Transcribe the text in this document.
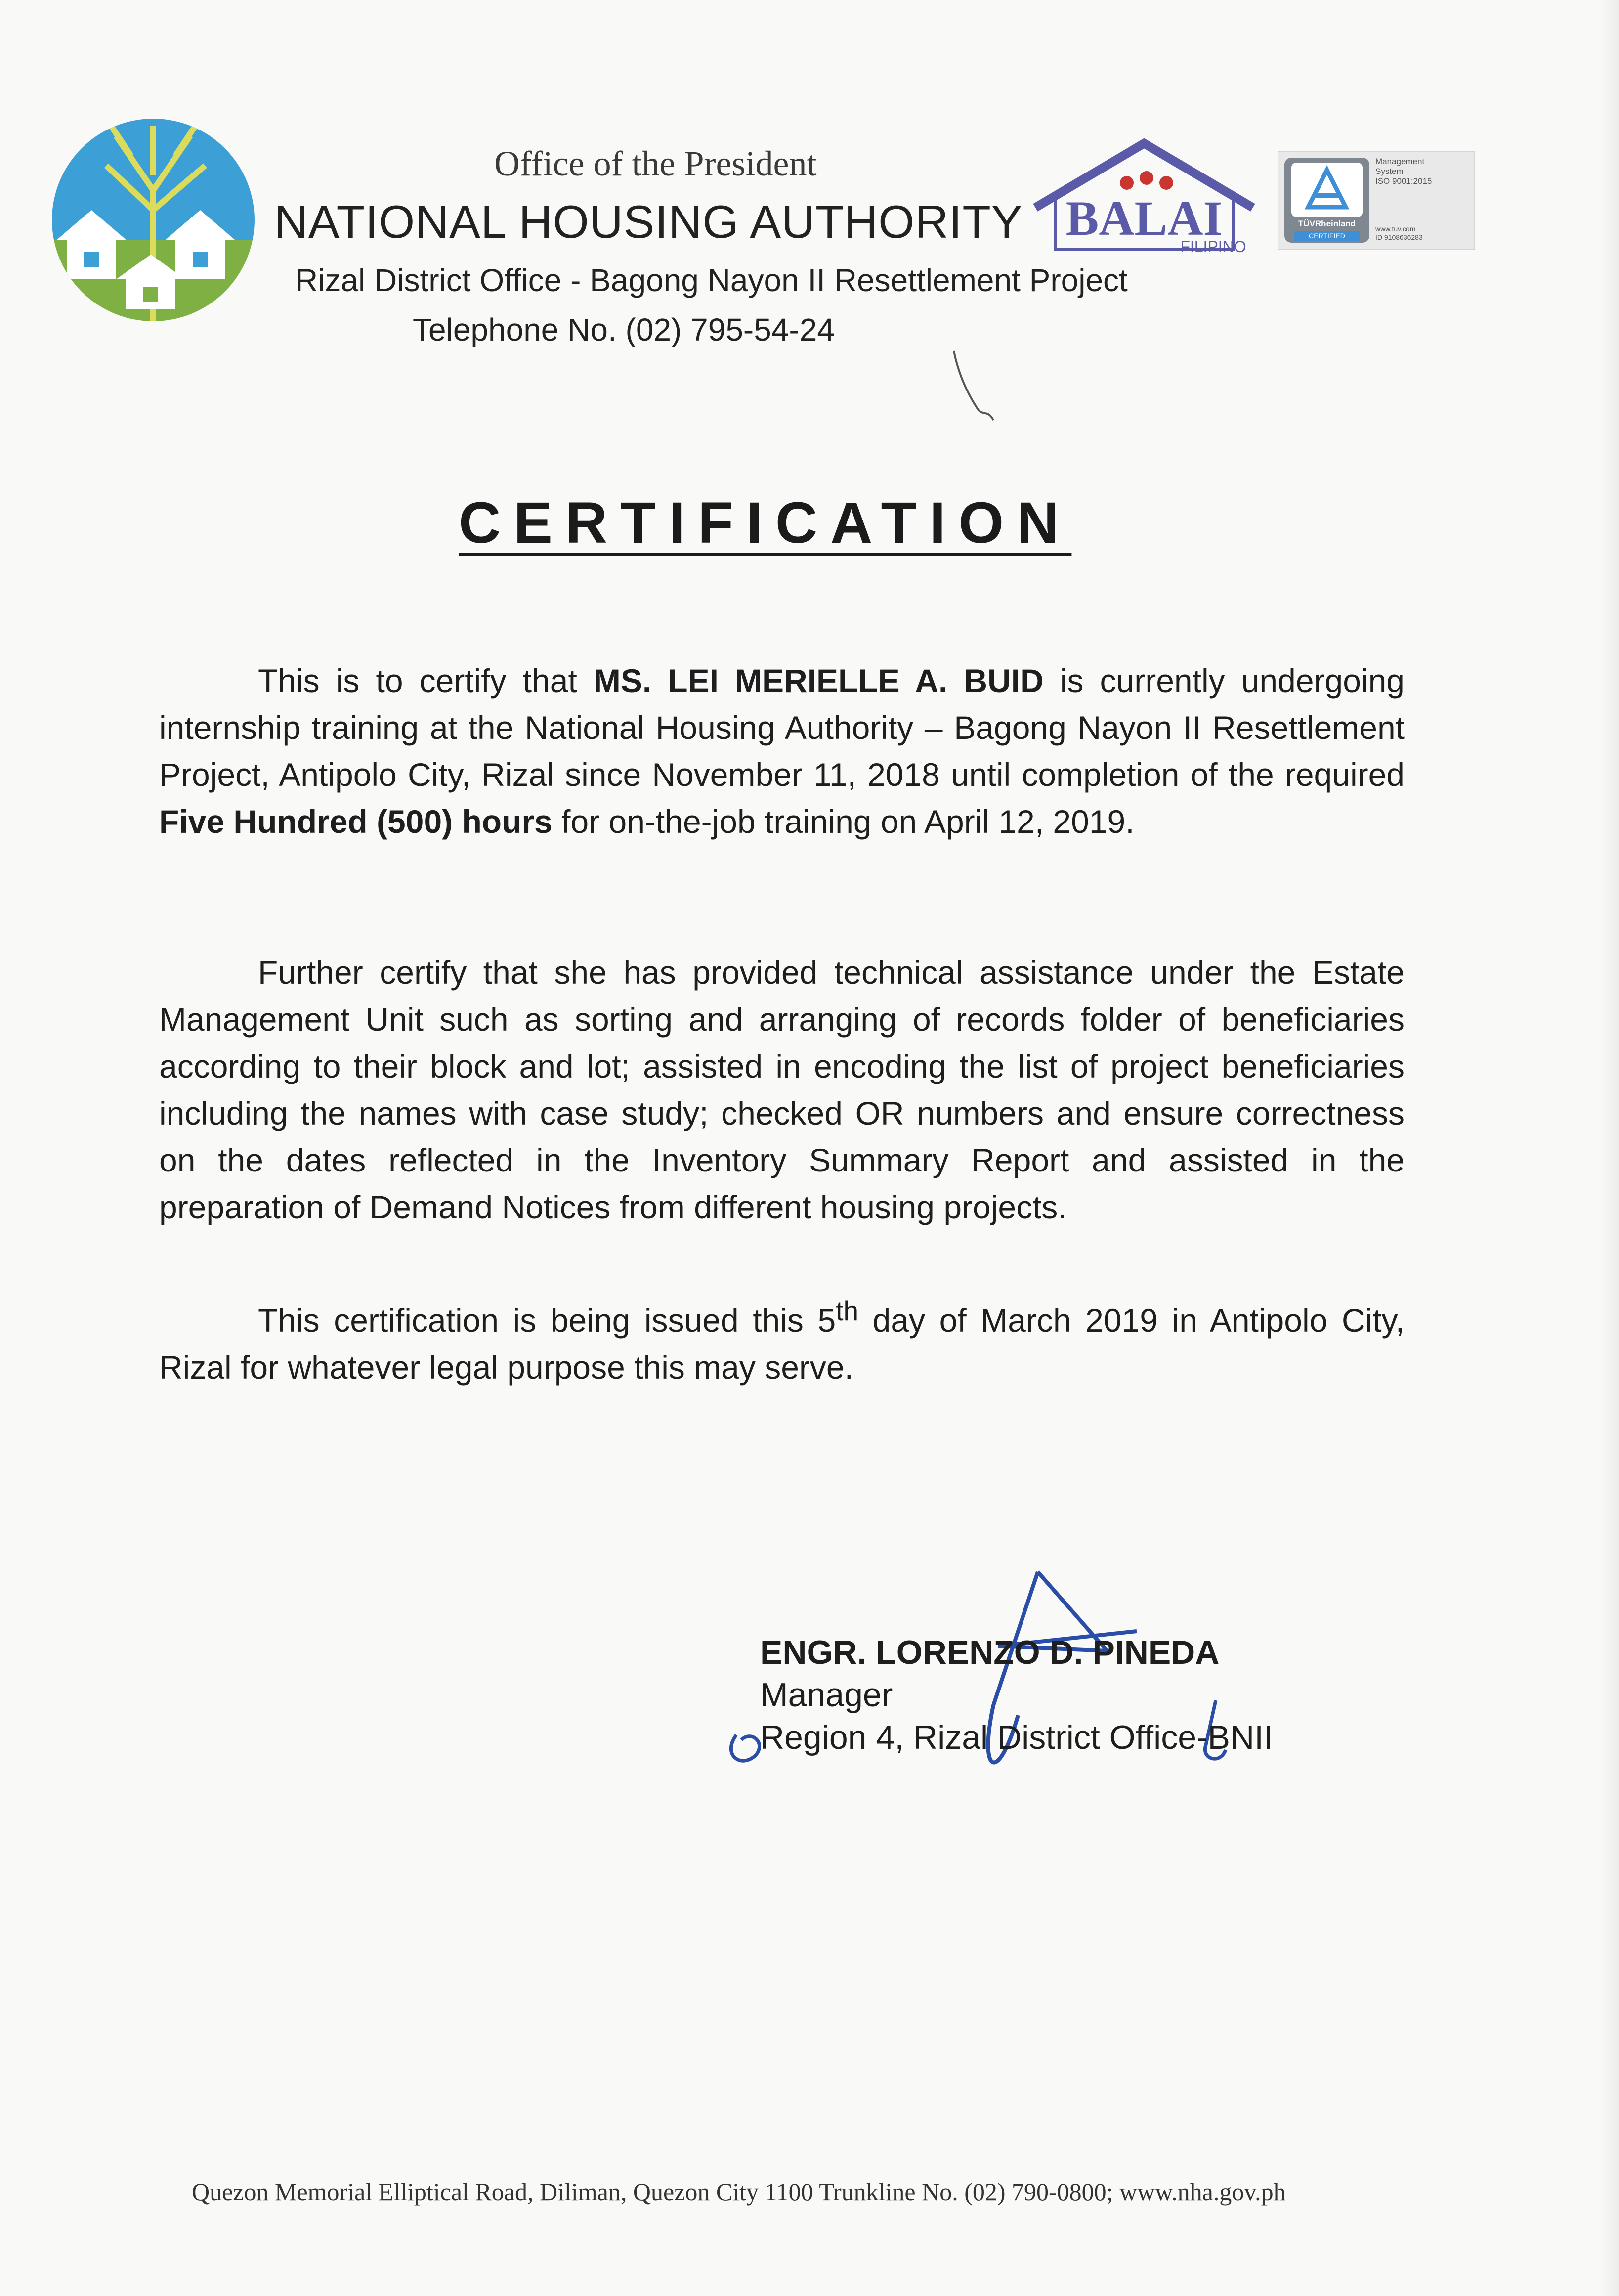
Office of the President
NATIONAL HOUSING AUTHORITY BALAI
FILIPINO
TÜVRheinland
CERTIFIED
Management
System
ISO 9001:2015
www.tuv.com
ID 9108636283
Rizal District Office - Bagong Nayon II Resettlement Project
Telephone No. (02) 795-54-24
CERTIFICATION

This is to certify that MS. LEI MERIELLE A. BUID is currently undergoing internship training at the National Housing Authority – Bagong Nayon II Resettlement Project, Antipolo City, Rizal since November 11, 2018 until completion of the required Five Hundred (500) hours for on-the-job training on April 12, 2019.

Further certify that she has provided technical assistance under the Estate Management Unit such as sorting and arranging of records folder of beneficiaries according to their block and lot; assisted in encoding the list of project beneficiaries including the names with case study; checked OR numbers and ensure correctness on the dates reflected in the Inventory Summary Report and assisted in the preparation of Demand Notices from different housing projects.

This certification is being issued this 5th day of March 2019 in Antipolo City, Rizal for whatever legal purpose this may serve.

ENGR. LORENZO D. PINEDA
Manager
Region 4, Rizal District Office-BNII
Quezon Memorial Elliptical Road, Diliman, Quezon City 1100 Trunkline No. (02) 790-0800; www.nha.gov.ph
